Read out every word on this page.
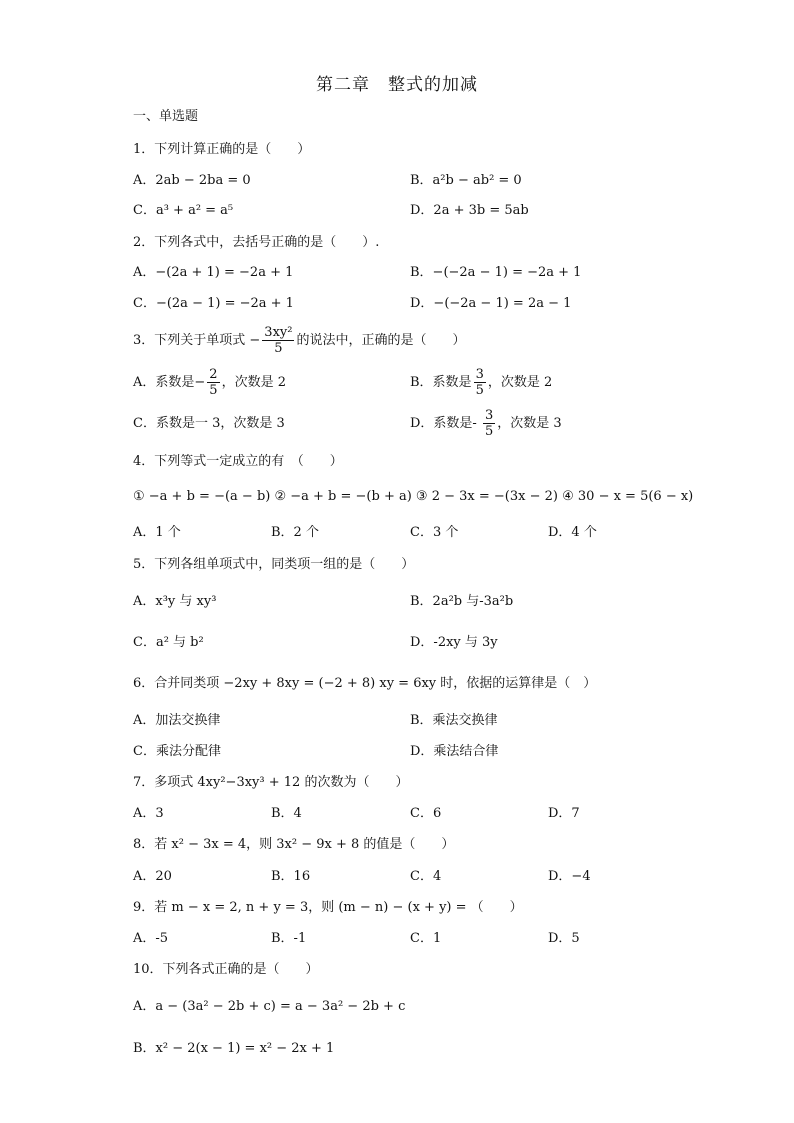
第二章　整式的加减
一、单选题
1．下列计算正确的是（　　）
A．2ab − 2ba = 0	B．a²b − ab² = 0
C．a³ + a² = a⁵	D．2a + 3b = 5ab
2．下列各式中，去括号正确的是（　　）.
A．−(2a + 1) = −2a + 1	B．−(−2a − 1) = −2a + 1
C．−(2a − 1) = −2a + 1	D．−(−2a − 1) = 2a − 1
3．下列关于单项式 − $\frac{\text{3xy²}}{5}$ 的说法中，正确的是（　　）
A．系数是− $\frac{2}{5}$ ，次数是 2	B．系数是 $\frac{3}{5}$ ，次数是 2
C．系数是一 3，次数是 3	D．系数是- $\frac{3}{5}$ ，次数是 3
4．下列等式一定成立的有　（　　）
① −a + b = −(a − b) ② −a + b = −(b + a) ③ 2 − 3x = −(3x − 2) ④ 30 − x = 5(6 − x)
A．1 个	B．2 个	C．3 个	D．4 个
5．下列各组单项式中，同类项一组的是（　　）
A．x³y 与 xy³	B．2a²b 与-3a²b
C．a² 与 b²	D．-2xy 与 3y
6．合并同类项 −2xy + 8xy = (−2 + 8) xy = 6xy 时，依据的运算律是（　）
A．加法交换律	B．乘法交换律
C．乘法分配律	D．乘法结合律
7．多项式 4xy²−3xy³ + 12 的次数为（　　）
A．3	B．4	C．6	D．7
8．若 x² − 3x = 4，则 3x² − 9x + 8 的值是（　　）
A．20	B．16	C．4	D．−4
9．若 m − x = 2, n + y = 3，则 (m − n) − (x + y) = （　　）
A．-5	B．-1	C．1	D．5
10．下列各式正确的是（　　）
A．a − (3a² − 2b + c) = a − 3a² − 2b + c
B．x² − 2(x − 1) = x² − 2x + 1
